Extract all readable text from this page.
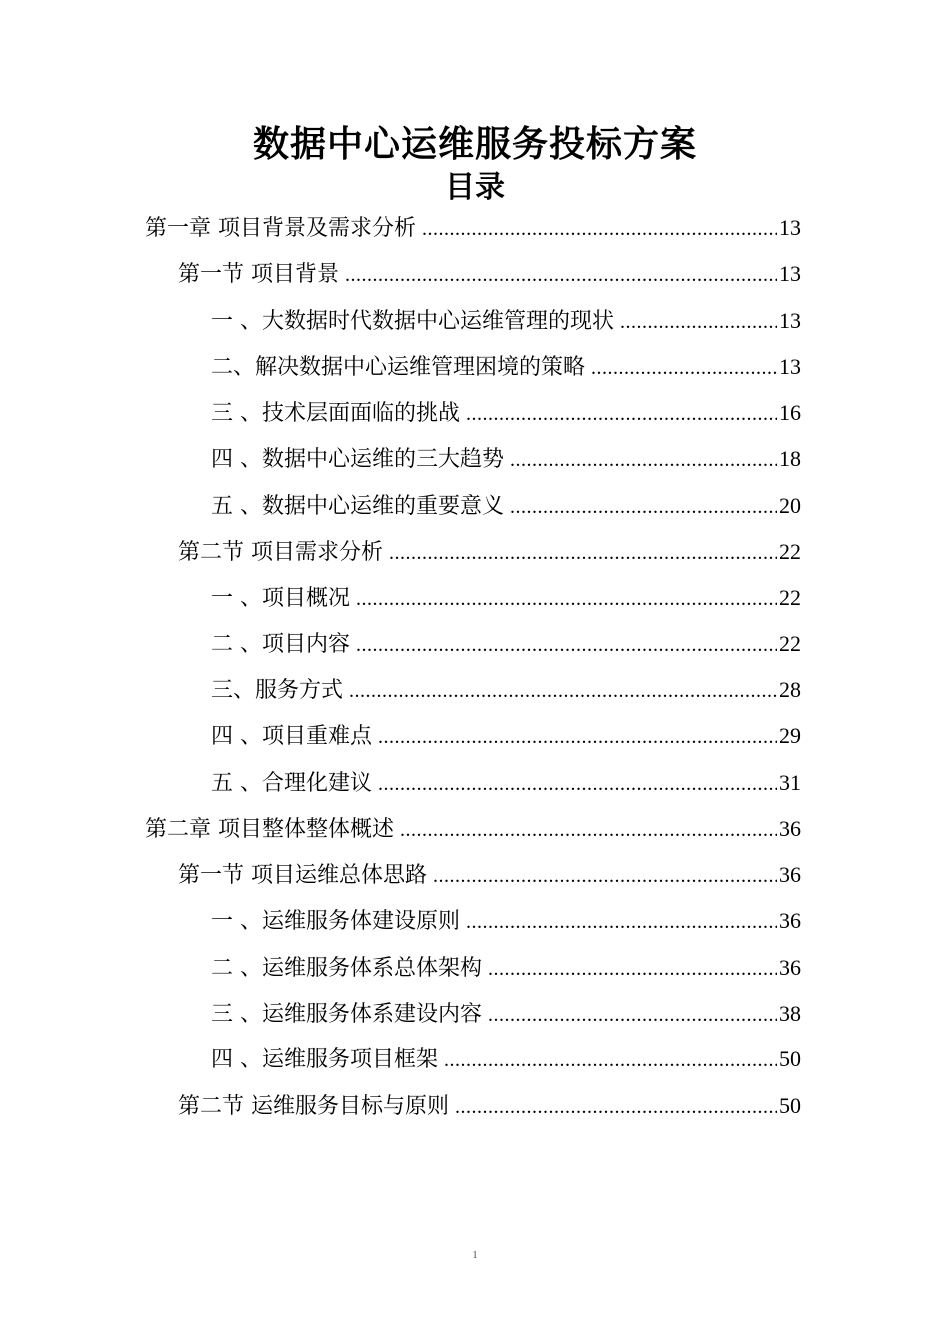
数据中心运维服务投标方案
目录
第一章 项目背景及需求分析 .....	13
第一节 项目背景 .....	13
一 、大数据时代数据中心运维管理的现状 .....	13
二、解决数据中心运维管理困境的策略 .....	13
三 、技术层面面临的挑战 .....	16
四 、数据中心运维的三大趋势 .....	18
五 、数据中心运维的重要意义 .....	20
第二节 项目需求分析 .....	22
一 、项目概况 .....	22
二 、项目内容 .....	22
三、服务方式 .....	28
四 、项目重难点 .....	29
五 、合理化建议 .....	31
第二章 项目整体整体概述 .....	36
第一节 项目运维总体思路 .....	36
一 、运维服务体建设原则 .....	36
二 、运维服务体系总体架构 .....	36
三 、运维服务体系建设内容 .....	38
四 、运维服务项目框架 .....	50
第二节 运维服务目标与原则 .....	50
1
